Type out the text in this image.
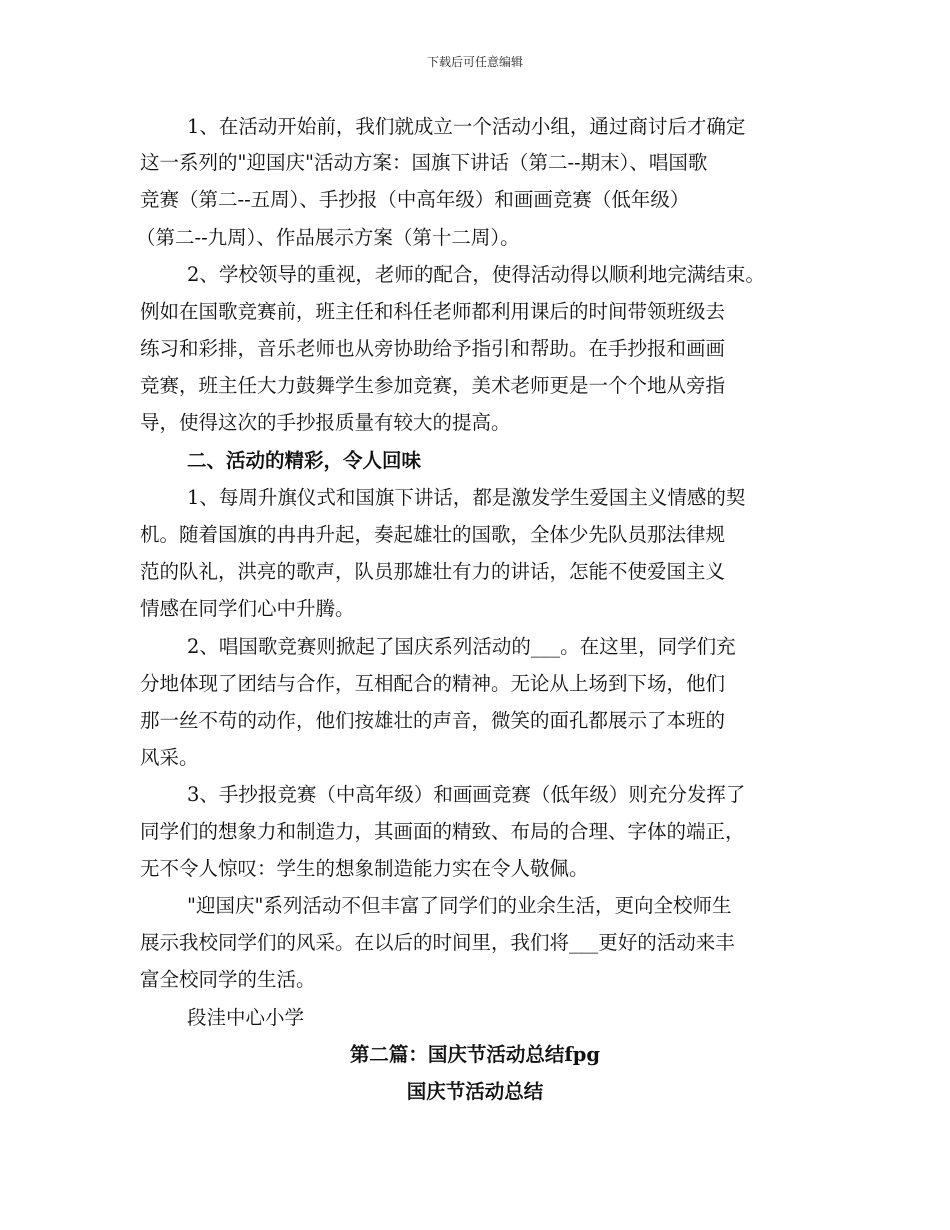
下载后可任意编辑
1、在活动开始前，我们就成立一个活动小组，通过商讨后才确定
这一系列的"迎国庆"活动方案：国旗下讲话（第二--期末）、唱国歌
竞赛（第二--五周）、手抄报（中高年级）和画画竞赛（低年级）
（第二--九周）、作品展示方案（第十二周）。
2、学校领导的重视，老师的配合，使得活动得以顺利地完满结束。
例如在国歌竞赛前，班主任和科任老师都利用课后的时间带领班级去
练习和彩排，音乐老师也从旁协助给予指引和帮助。在手抄报和画画
竞赛，班主任大力鼓舞学生参加竞赛，美术老师更是一个个地从旁指
导，使得这次的手抄报质量有较大的提高。
二、活动的精彩，令人回味
1、每周升旗仪式和国旗下讲话，都是激发学生爱国主义情感的契
机。随着国旗的冉冉升起，奏起雄壮的国歌，全体少先队员那法律规
范的队礼，洪亮的歌声，队员那雄壮有力的讲话，怎能不使爱国主义
情感在同学们心中升腾。
2、唱国歌竞赛则掀起了国庆系列活动的___。在这里，同学们充
分地体现了团结与合作，互相配合的精神。无论从上场到下场，他们
那一丝不苟的动作，他们按雄壮的声音，微笑的面孔都展示了本班的
风采。
3、手抄报竞赛（中高年级）和画画竞赛（低年级）则充分发挥了
同学们的想象力和制造力，其画面的精致、布局的合理、字体的端正，
无不令人惊叹：学生的想象制造能力实在令人敬佩。
"迎国庆"系列活动不但丰富了同学们的业余生活，更向全校师生
展示我校同学们的风采。在以后的时间里，我们将___更好的活动来丰
富全校同学的生活。
段洼中心小学
第二篇：国庆节活动总结fpg
国庆节活动总结
